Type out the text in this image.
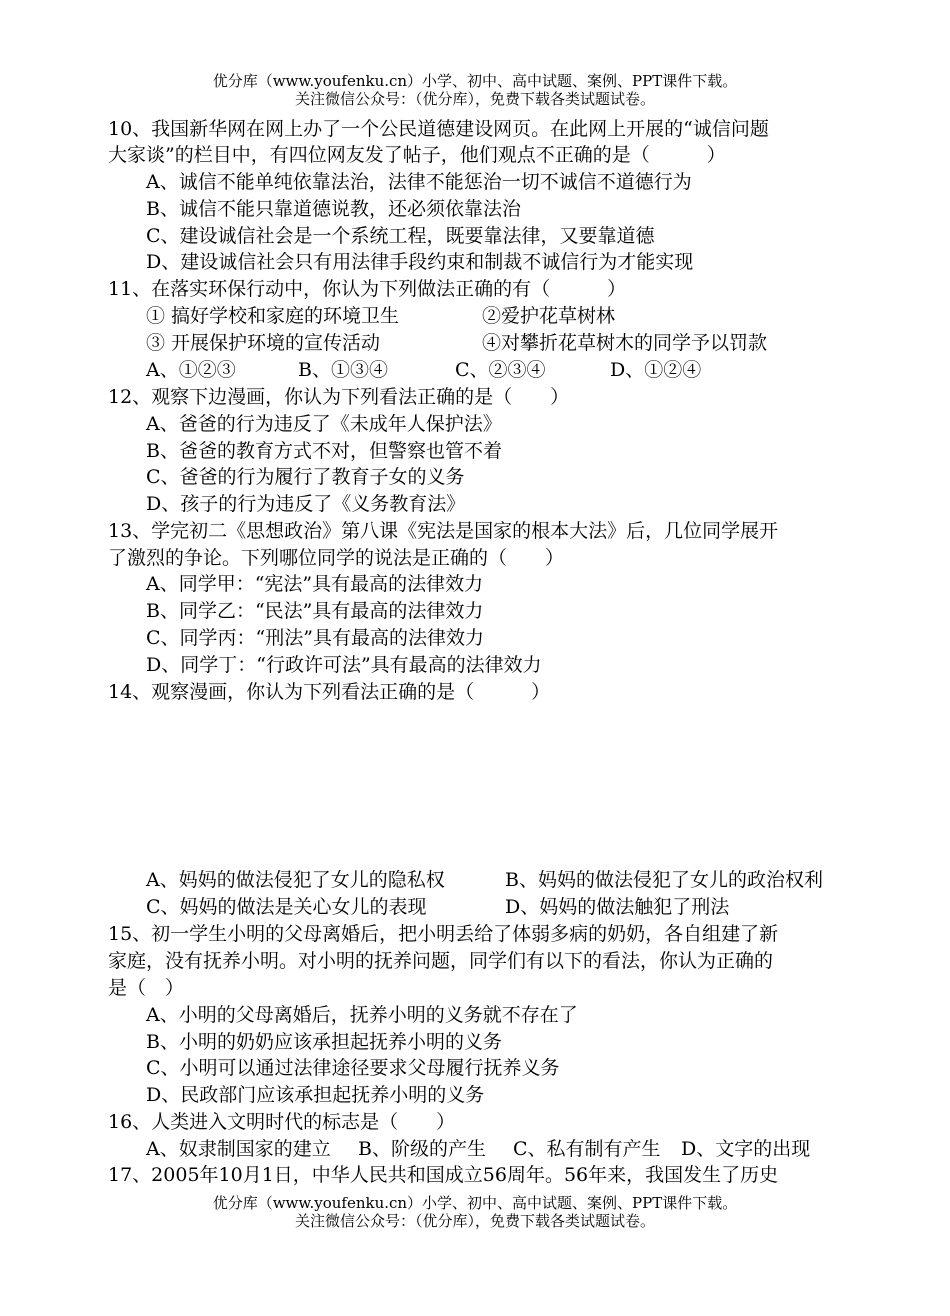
优分库（www.youfenku.cn）小学、初中、高中试题、案例、PPT课件下载。
关注微信公众号：（优分库），免费下载各类试题试卷。
10、我国新华网在网上办了一个公民道德建设网页。在此网上开展的“诚信问题
大家谈”的栏目中，有四位网友发了帖子，他们观点不正确的是（　　　）
A、诚信不能单纯依靠法治，法律不能惩治一切不诚信不道德行为
B、诚信不能只靠道德说教，还必须依靠法治
C、建设诚信社会是一个系统工程，既要靠法律，又要靠道德
D、建设诚信社会只有用法律手段约束和制裁不诚信行为才能实现
11、在落实环保行动中，你认为下列做法正确的有（　　　）
① 搞好学校和家庭的环境卫生	②爱护花草树林
③ 开展保护环境的宣传活动	④对攀折花草树木的同学予以罚款
A、①②③	B、①③④	C、②③④	D、①②④
12、观察下边漫画，你认为下列看法正确的是（　　）
A、爸爸的行为违反了《未成年人保护法》
B、爸爸的教育方式不对，但警察也管不着
C、爸爸的行为履行了教育子女的义务
D、孩子的行为违反了《义务教育法》
13、学完初二《思想政治》第八课《宪法是国家的根本大法》后，几位同学展开
了激烈的争论。下列哪位同学的说法是正确的（　　）
A、同学甲：“宪法”具有最高的法律效力
B、同学乙：“民法”具有最高的法律效力
C、同学丙：“刑法”具有最高的法律效力
D、同学丁：“行政许可法”具有最高的法律效力
14、观察漫画，你认为下列看法正确的是（　　　）
A、妈妈的做法侵犯了女儿的隐私权	B、妈妈的做法侵犯了女儿的政治权利
C、妈妈的做法是关心女儿的表现	D、妈妈的做法触犯了刑法
15、初一学生小明的父母离婚后，把小明丢给了体弱多病的奶奶，各自组建了新
家庭，没有抚养小明。对小明的抚养问题，同学们有以下的看法，你认为正确的
是（　）
A、小明的父母离婚后，抚养小明的义务就不存在了
B、小明的奶奶应该承担起抚养小明的义务
C、小明可以通过法律途径要求父母履行抚养义务
D、民政部门应该承担起抚养小明的义务
16、人类进入文明时代的标志是（　　）
A、奴隶制国家的建立 B、阶级的产生 C、私有制有产生 D、文字的出现
17、2005年10月1日，中华人民共和国成立56周年。56年来，我国发生了历史
优分库（www.youfenku.cn）小学、初中、高中试题、案例、PPT课件下载。
关注微信公众号：（优分库），免费下载各类试题试卷。
